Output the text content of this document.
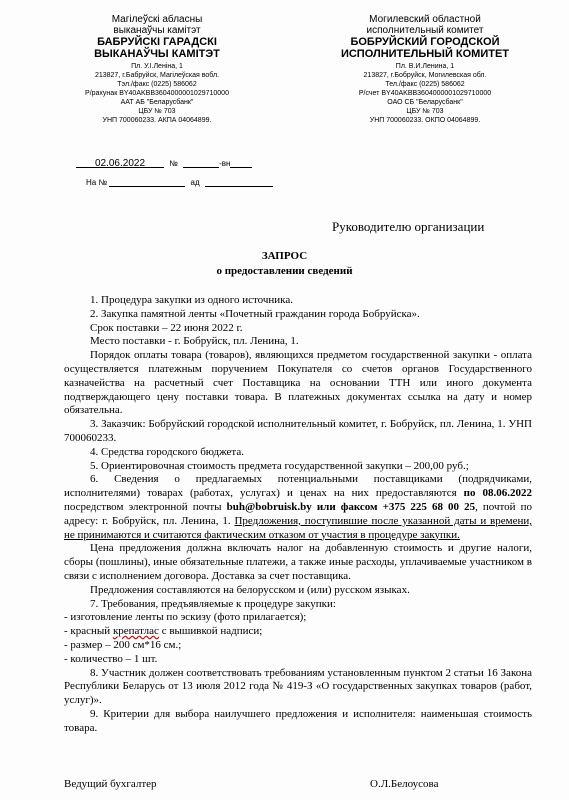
Магілеўскі абласны
выканаўчы камітэт
БАБРУЙСКІ ГАРАДСКІ
ВЫКАНАЎЧЫ КАМІТЭТ
Пл. У.І.Леніна, 1
213827, г.Бабруйск, Магілеўская вобл.
Тэл./факс (0225) 586062
Р/рахунак BY40AKBB3604000001029710000
ААТ АБ "Беларусбанк"
ЦБУ № 703
УНП 700060233. АКПА 04064899.
Могилевский областной
исполнительный комитет
БОБРУЙСКИЙ ГОРОДСКОЙ
ИСПОЛНИТЕЛЬНЫЙ КОМИТЕТ
Пл. В.И.Ленина, 1
213827, г.Бобруйск, Могилевская обл.
Тел./факс (0225) 586062
Р/счет BY40AKBB3604000001029710000
ОАО СБ "Беларусбанк"
ЦБУ № 703
УНП 700060233. ОКПО 04064899.
02.06.2022	№	-вн
На №	ад
Руководителю организации
ЗАПРОС
о предоставлении сведений

1. Процедура закупки из одного источника.

2. Закупка памятной ленты «Почетный гражданин города Бобруйска».

Срок поставки – 22 июня 2022 г.

Место поставки - г. Бобруйск, пл. Ленина, 1.

Порядок оплаты товара (товаров), являющихся предметом государственной закупки - оплата осуществляется платежным поручением Покупателя со счетов органов Государственного казначейства на расчетный счет Поставщика на основании ТТН или иного документа подтверждающего цену поставки товара. В платежных документах ссылка на дату и номер обязательна.

3. Заказчик: Бобруйский городской исполнительный комитет, г. Бобруйск, пл. Ленина, 1. УНП 700060233.

4. Средства городского бюджета.

5. Ориентировочная стоимость предмета государственной закупки – 200,00 руб.;

6. Сведения о предлагаемых потенциальными поставщиками (подрядчиками, исполнителями) товарах (работах, услугах) и ценах на них предоставляются по 08.06.2022 посредством электронной почты buh@bobruisk.by или факсом +375 225 68 00 25, почтой по адресу: г. Бобруйск, пл. Ленина, 1. Предложения, поступившие после указанной даты и времени, не принимаются и считаются фактическим отказом от участия в процедуре закупки.

Цена предложения должна включать налог на добавленную стоимость и другие налоги, сборы (пошлины), иные обязательные платежи, а также иные расходы, уплачиваемые участником в связи с исполнением договора. Доставка за счет поставщика.

Предложения составляются на белорусском и (или) русском языках.

7. Требования, предъявляемые к процедуре закупки:

- изготовление ленты по эскизу (фото прилагается);

- красный крепатлас с вышивкой надписи;

- размер – 200 см*16 см.;

- количество – 1 шт.

8. Участник должен соответствовать требованиям установленным пунктом 2 статьи 16 Закона Республики Беларусь от 13 июля 2012 года № 419-З «О государственных закупках товаров (работ, услуг)».

9. Критерии для выбора наилучшего предложения и исполнителя: наименьшая стоимость товара.

Ведущий бухгалтер	О.Л.Белоусова
